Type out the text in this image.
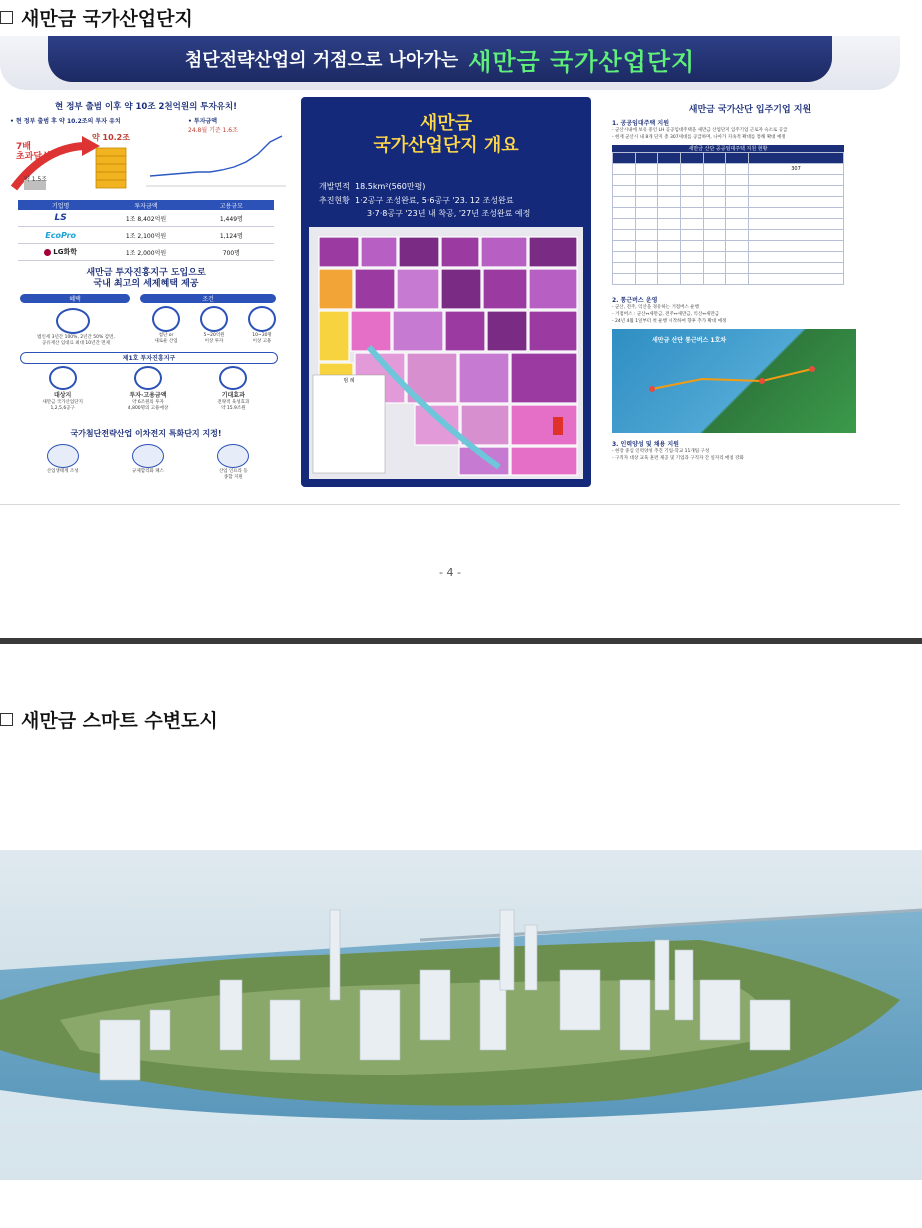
새만금 국가산업단지
첨단전략산업의 거점으로 나아가는 새만금 국가산업단지
현 정부 출범 이후 약 10조 2천억원의 투자유치!
• 현 정부 출범 후 약 10.2조의 투자 유치	• 투자금액
24.8월 기준 1.6조
7배
초과달성
약 1.5조
약 10.2조
기업명	투자금액	고용규모
LS	1조 8,402억원	1,449명
EcoPro	1조 2,100억원	1,124명
LG화학	1조 2,000억원	700명
새만금 투자진흥지구 도입으로
국내 최고의 세제혜택 제공
혜택	조건
법인세 3년간 100%, 2년간 50% 감면,
공유재산 임대료 최대 10년간 면제
첨단 or
새로운 산업
5~20억원
이상 투자
10~30명
이상 고용
제1호 투자진흥지구
대상지
새만금 국가산업단지
1,2,5,6공구
투자·고용금액
약 6조원의 투자
4,800명의 고용예상
기대효과
전략적 육성효과
약 15.9조원
국가첨단전략산업 이차전지 특화단지 지정!
산업생태계 조성	규제합리화 패스	산업 인프라 등
종합 지원
새만금
국가산업단지 개요
개발면적 18.5km²(560만평)
추진현황 1·2공구 조성완료, 5·6공구 '23. 12 조성완료
3·7·8공구 '23년 내 착공, '27년 조성완료 예정
범 례
새만금 국가산단 입주기업 지원
1. 공공임대주택 지원
- 군산시내에 보유 중인 LH 공공임대주택을 새만금 산업단지 입주기업 근로자 숙소로 공급
- 현재 군산시 내 8개 단지 총 307세대를 공급하며, 나아가 지속적 확대를 통해 확대 예정
새만금 산단 공공임대주택 지원 현황

						307

2. 통근버스 운영
- 군산, 전주, 익산을 경유하는 거점버스 운행
- 거점버스 : 군산↔새만금, 전주↔새만금, 익산↔새만금
- 24년 4월 1일부터 첫 운행 시작하여 향후 추가 확대 예정
새만금 산단 통근버스 1호차
3. 인력양성 및 채용 지원
- 현장 중심 인력양성 추진 기업-학교 11개팀 구성
- 구직자 대상 교육 훈련 제공 및 기업과 구직자 간 일자리 매칭 강화
- 4 -
새만금 스마트 수변도시
